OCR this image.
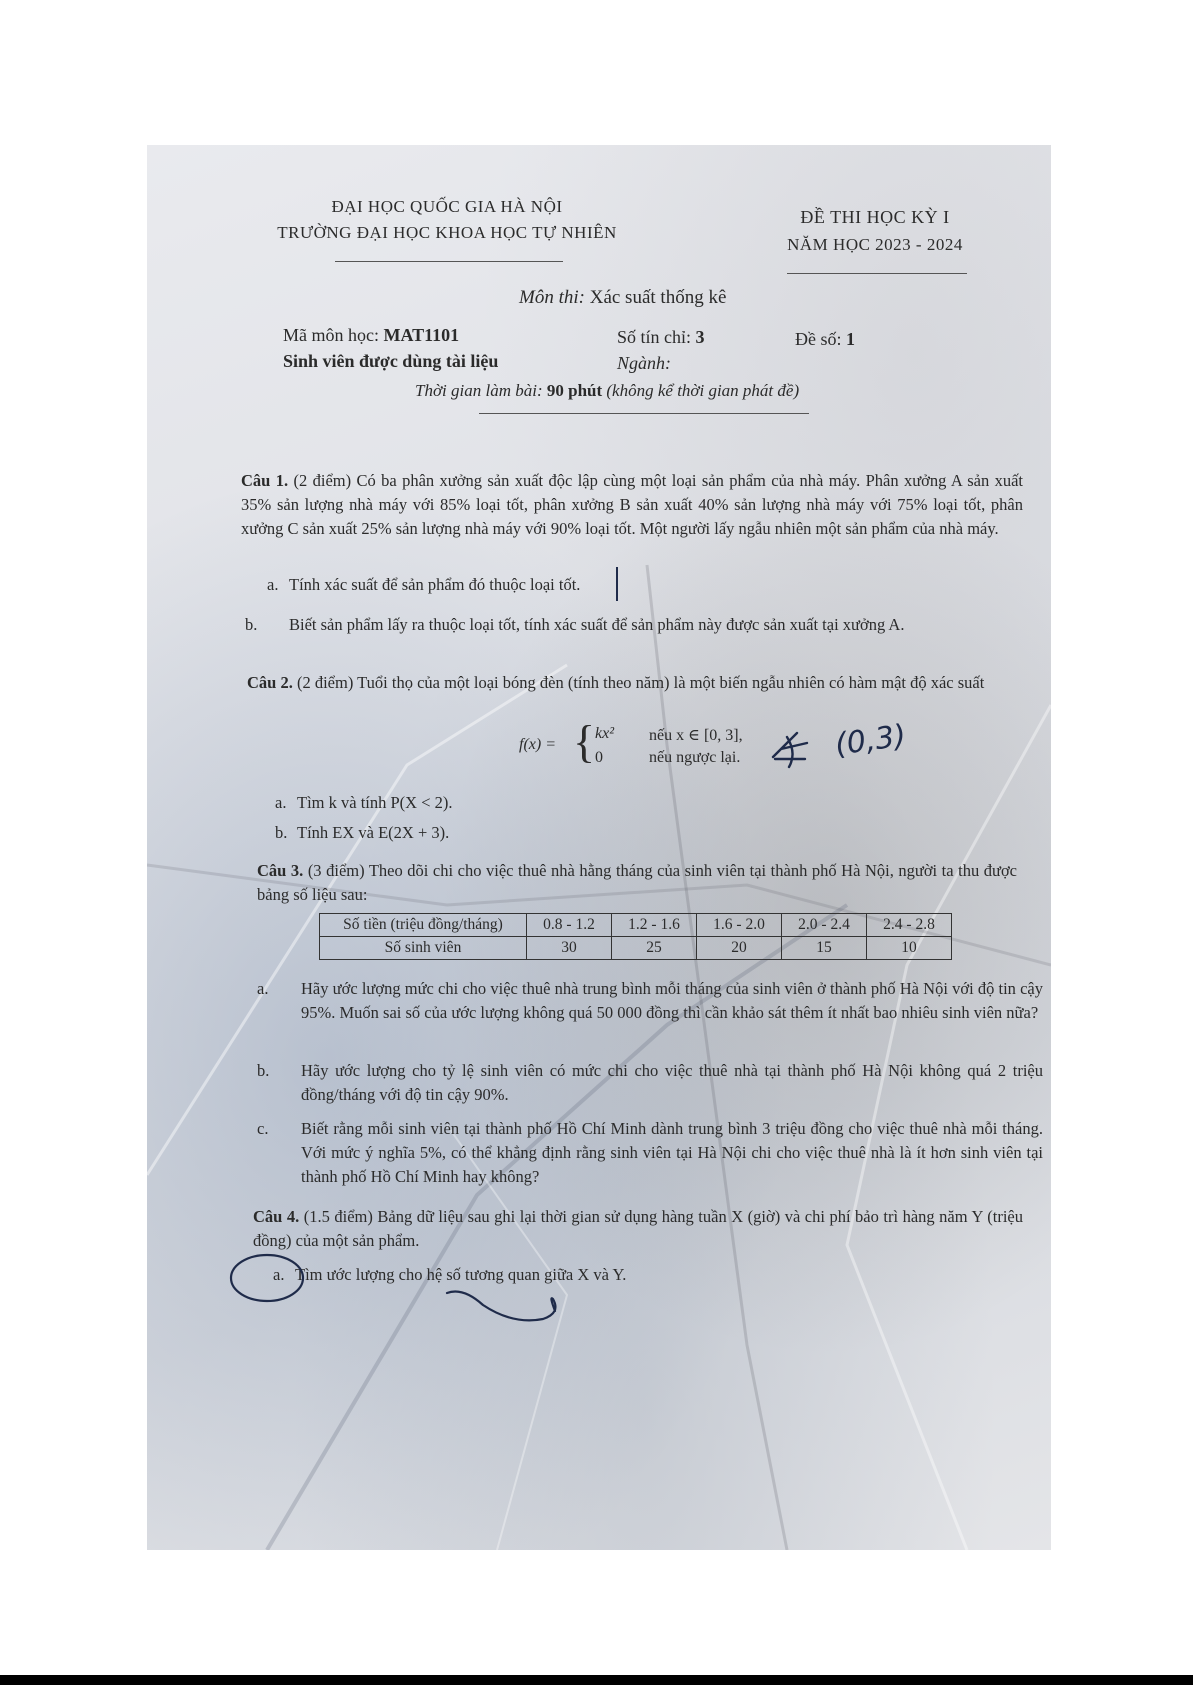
ĐẠI HỌC QUỐC GIA HÀ NỘI
TRƯỜNG ĐẠI HỌC KHOA HỌC TỰ NHIÊN
ĐỀ THI HỌC KỲ I
NĂM HỌC 2023 - 2024
Môn thi: Xác suất thống kê
Mã môn học: MAT1101	Số tín chỉ: 3	Đề số: 1
Sinh viên được dùng tài liệu	Ngành:
Thời gian làm bài: 90 phút (không kể thời gian phát đề)

Câu 1. (2 điểm) Có ba phân xưởng sản xuất độc lập cùng một loại sản phẩm của nhà máy. Phân xưởng A sản xuất 35% sản lượng nhà máy với 85% loại tốt, phân xưởng B sản xuất 40% sản lượng nhà máy với 75% loại tốt, phân xưởng C sản xuất 25% sản lượng nhà máy với 90% loại tốt. Một người lấy ngẫu nhiên một sản phẩm của nhà máy.

a. Tính xác suất để sản phẩm đó thuộc loại tốt.
b. Biết sản phẩm lấy ra thuộc loại tốt, tính xác suất để sản phẩm này được sản xuất tại xưởng A.

Câu 2. (2 điểm) Tuổi thọ của một loại bóng đèn (tính theo năm) là một biến ngẫu nhiên có hàm mật độ xác suất

f(x) = { kx² nếu x ∈ [0, 3],
0	nếu ngược lại.
a. Tìm k và tính P(X < 2).
b. Tính EX và E(2X + 3).

Câu 3. (3 điểm) Theo dõi chi cho việc thuê nhà hằng tháng của sinh viên tại thành phố Hà Nội, người ta thu được bảng số liệu sau:

Số tiền (triệu đồng/tháng)	0.8 - 1.2	1.2 - 1.6	1.6 - 2.0	2.0 - 2.4	2.4 - 2.8
Số sinh viên	30	25	20	15	10
a. Hãy ước lượng mức chi cho việc thuê nhà trung bình mỗi tháng của sinh viên ở thành phố Hà Nội với độ tin cậy 95%. Muốn sai số của ước lượng không quá 50 000 đồng thì cần khảo sát thêm ít nhất bao nhiêu sinh viên nữa?
b. Hãy ước lượng cho tỷ lệ sinh viên có mức chi cho việc thuê nhà tại thành phố Hà Nội không quá 2 triệu đồng/tháng với độ tin cậy 90%.
c. Biết rằng mỗi sinh viên tại thành phố Hồ Chí Minh dành trung bình 3 triệu đồng cho việc thuê nhà mỗi tháng. Với mức ý nghĩa 5%, có thể khẳng định rằng sinh viên tại Hà Nội chi cho việc thuê nhà là ít hơn sinh viên tại thành phố Hồ Chí Minh hay không?

Câu 4. (1.5 điểm) Bảng dữ liệu sau ghi lại thời gian sử dụng hàng tuần X (giờ) và chi phí bảo trì hàng năm Y (triệu đồng) của một sản phẩm.

a. Tìm ước lượng cho hệ số tương quan giữa X và Y.
(0,3)
